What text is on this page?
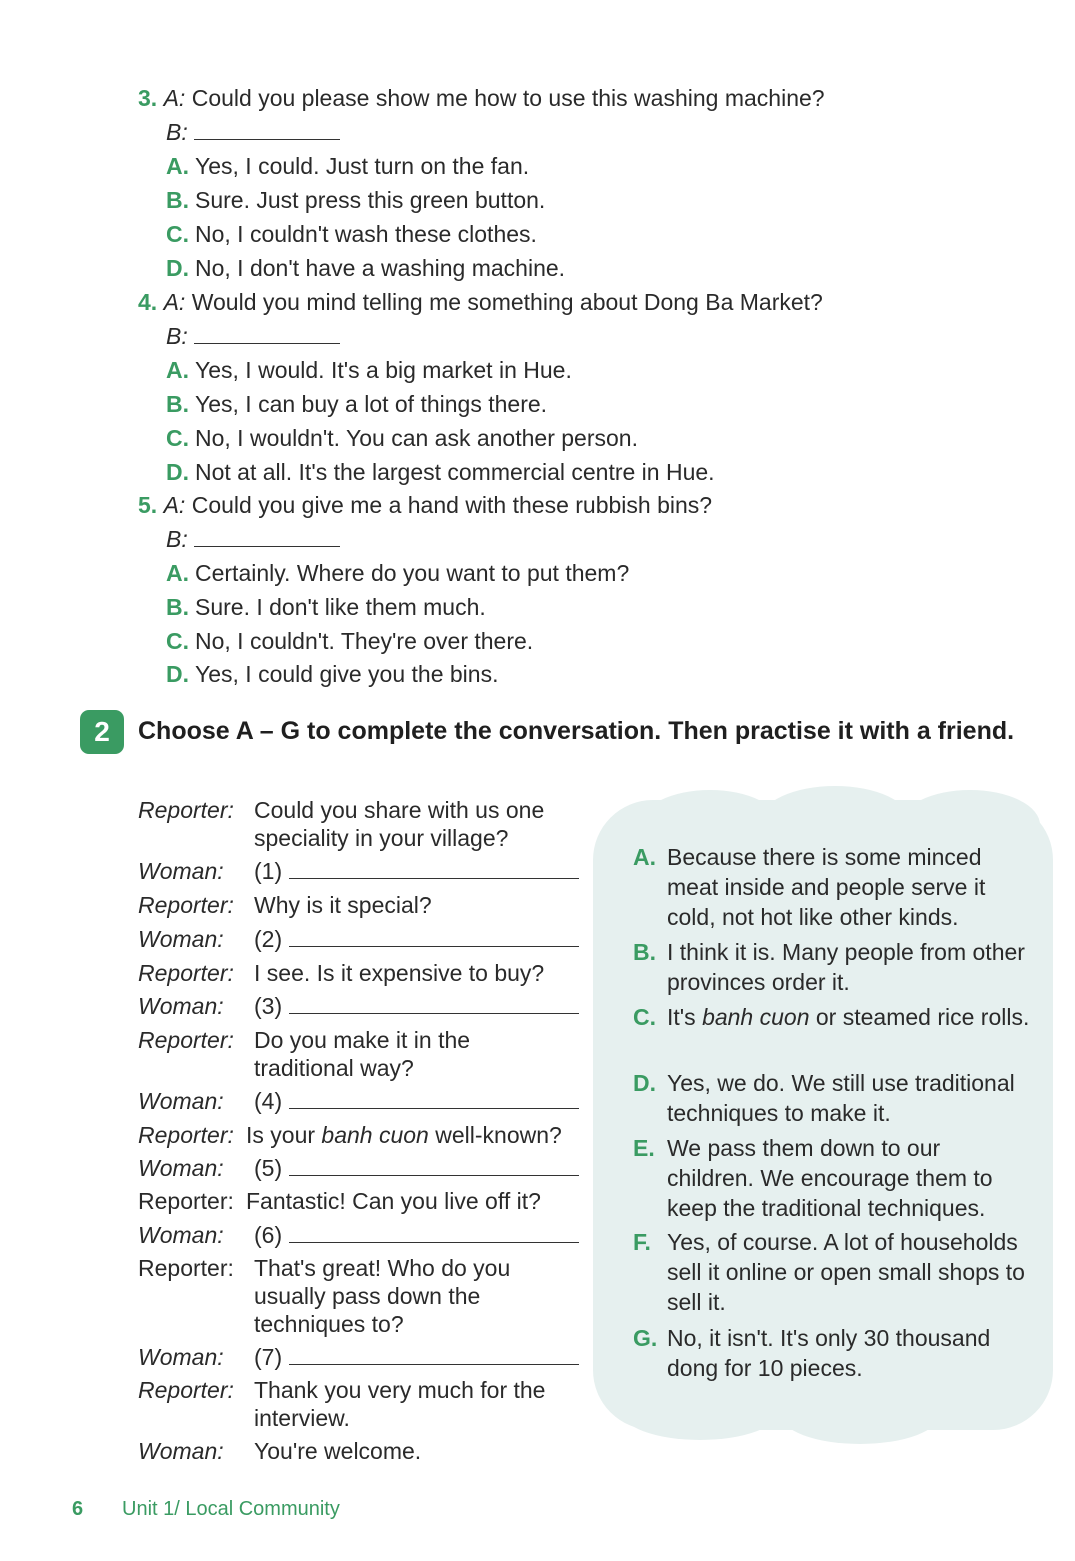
3. A: Could you please show me how to use this washing machine?
B:
A. Yes, I could. Just turn on the fan.
B. Sure. Just press this green button.
C. No, I couldn't wash these clothes.
D. No, I don't have a washing machine.
4. A: Would you mind telling me something about Dong Ba Market?
B:
A. Yes, I would. It's a big market in Hue.
B. Yes, I can buy a lot of things there.
C. No, I wouldn't. You can ask another person.
D. Not at all. It's the largest commercial centre in Hue.
5. A: Could you give me a hand with these rubbish bins?
B:
A. Certainly. Where do you want to put them?
B. Sure. I don't like them much.
C. No, I couldn't. They're over there.
D. Yes, I could give you the bins.
2	Choose A – G to complete the conversation. Then practise it with a friend.
Reporter: Could you share with us one speciality in your village?
Woman: (1)
Reporter: Why is it special?
Woman: (2)
Reporter: I see. Is it expensive to buy?
Woman: (3)
Reporter: Do you make it in the traditional way?
Woman: (4)
Reporter: Is your banh cuon well-known?
Woman: (5)
Reporter: Fantastic! Can you live off it?
Woman: (6)
Reporter: That's great! Who do you usually pass down the techniques to?
Woman: (7)
Reporter: Thank you very much for the interview.
Woman: You're welcome.
A. Because there is some minced meat inside and people serve it cold, not hot like other kinds.
B. I think it is. Many people from other provinces order it.
C. It's banh cuon or steamed rice rolls.
D. Yes, we do. We still use traditional techniques to make it.
E. We pass them down to our children. We encourage them to keep the traditional techniques.
F. Yes, of course. A lot of households sell it online or open small shops to sell it.
G. No, it isn't. It's only 30 thousand dong for 10 pieces.
6 Unit 1/ Local Community
